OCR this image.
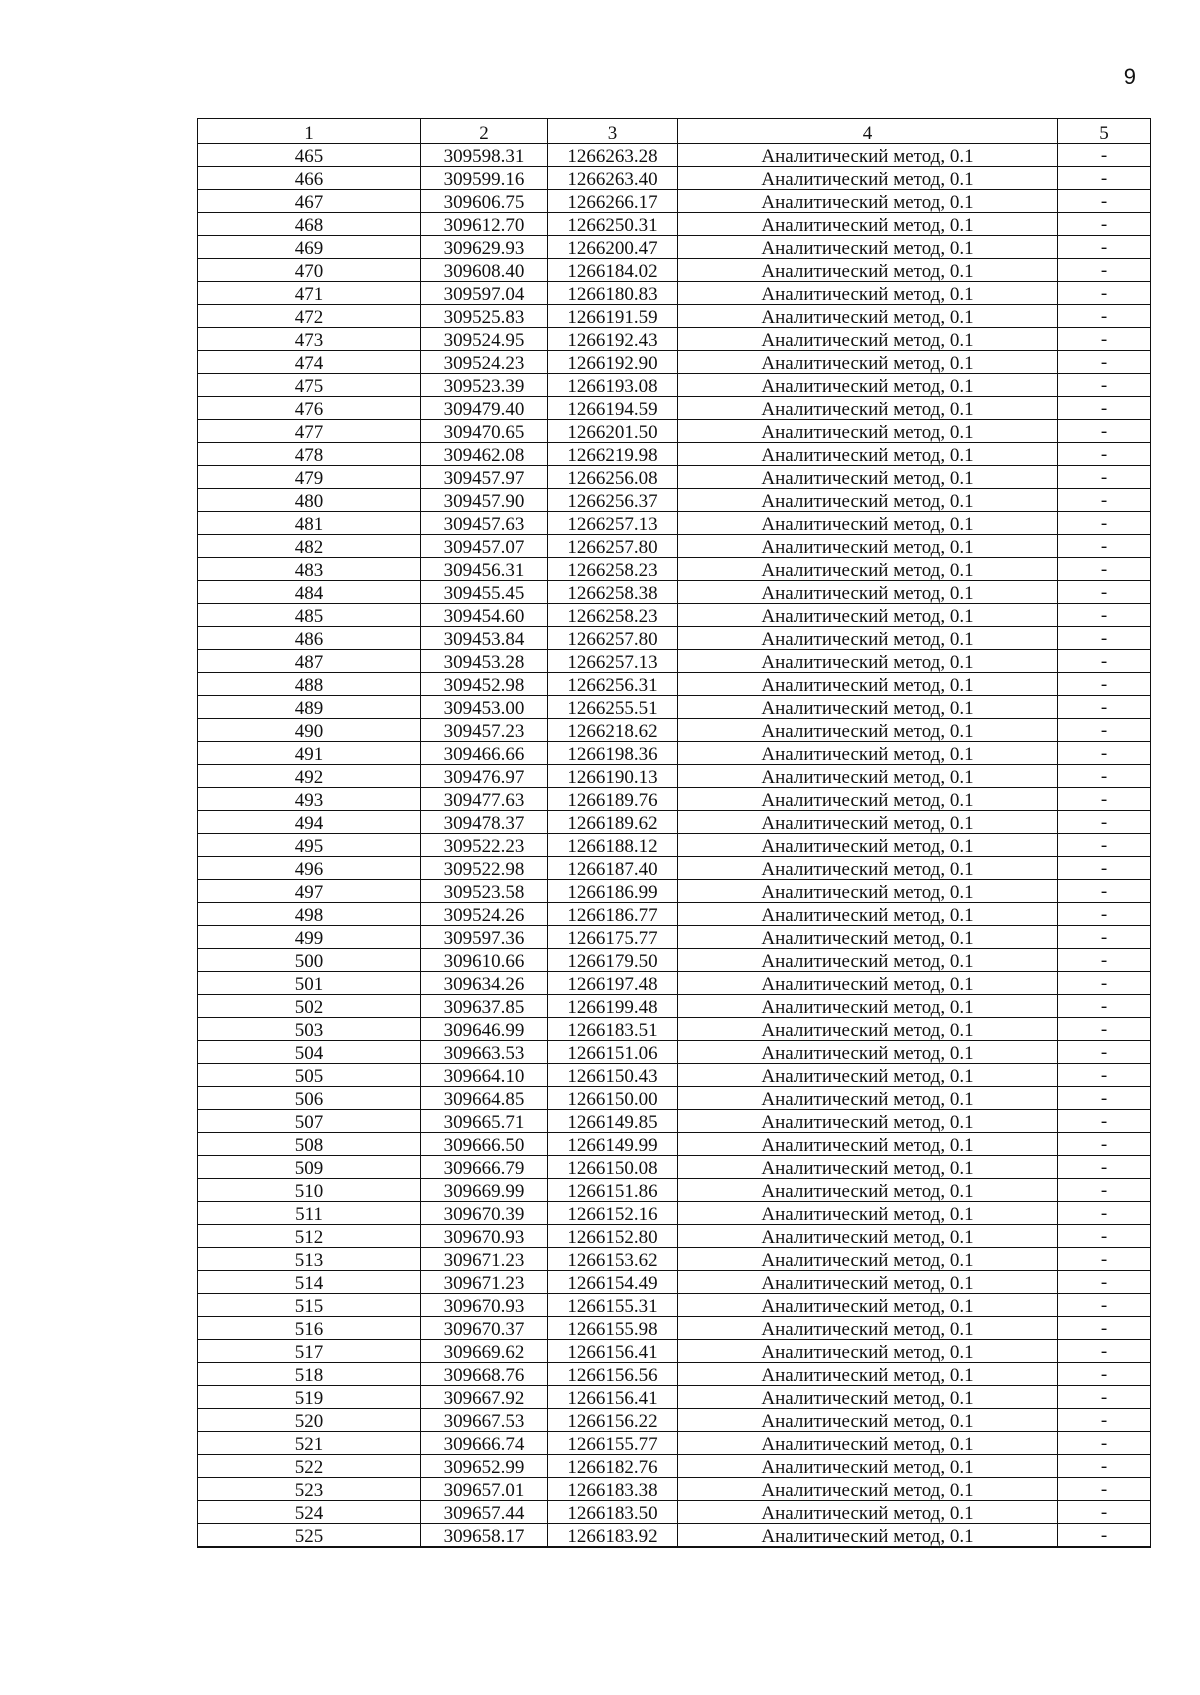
9
1	2	3	4	5
465	309598.31	1266263.28	Аналитический метод, 0.1	-
466	309599.16	1266263.40	Аналитический метод, 0.1	-
467	309606.75	1266266.17	Аналитический метод, 0.1	-
468	309612.70	1266250.31	Аналитический метод, 0.1	-
469	309629.93	1266200.47	Аналитический метод, 0.1	-
470	309608.40	1266184.02	Аналитический метод, 0.1	-
471	309597.04	1266180.83	Аналитический метод, 0.1	-
472	309525.83	1266191.59	Аналитический метод, 0.1	-
473	309524.95	1266192.43	Аналитический метод, 0.1	-
474	309524.23	1266192.90	Аналитический метод, 0.1	-
475	309523.39	1266193.08	Аналитический метод, 0.1	-
476	309479.40	1266194.59	Аналитический метод, 0.1	-
477	309470.65	1266201.50	Аналитический метод, 0.1	-
478	309462.08	1266219.98	Аналитический метод, 0.1	-
479	309457.97	1266256.08	Аналитический метод, 0.1	-
480	309457.90	1266256.37	Аналитический метод, 0.1	-
481	309457.63	1266257.13	Аналитический метод, 0.1	-
482	309457.07	1266257.80	Аналитический метод, 0.1	-
483	309456.31	1266258.23	Аналитический метод, 0.1	-
484	309455.45	1266258.38	Аналитический метод, 0.1	-
485	309454.60	1266258.23	Аналитический метод, 0.1	-
486	309453.84	1266257.80	Аналитический метод, 0.1	-
487	309453.28	1266257.13	Аналитический метод, 0.1	-
488	309452.98	1266256.31	Аналитический метод, 0.1	-
489	309453.00	1266255.51	Аналитический метод, 0.1	-
490	309457.23	1266218.62	Аналитический метод, 0.1	-
491	309466.66	1266198.36	Аналитический метод, 0.1	-
492	309476.97	1266190.13	Аналитический метод, 0.1	-
493	309477.63	1266189.76	Аналитический метод, 0.1	-
494	309478.37	1266189.62	Аналитический метод, 0.1	-
495	309522.23	1266188.12	Аналитический метод, 0.1	-
496	309522.98	1266187.40	Аналитический метод, 0.1	-
497	309523.58	1266186.99	Аналитический метод, 0.1	-
498	309524.26	1266186.77	Аналитический метод, 0.1	-
499	309597.36	1266175.77	Аналитический метод, 0.1	-
500	309610.66	1266179.50	Аналитический метод, 0.1	-
501	309634.26	1266197.48	Аналитический метод, 0.1	-
502	309637.85	1266199.48	Аналитический метод, 0.1	-
503	309646.99	1266183.51	Аналитический метод, 0.1	-
504	309663.53	1266151.06	Аналитический метод, 0.1	-
505	309664.10	1266150.43	Аналитический метод, 0.1	-
506	309664.85	1266150.00	Аналитический метод, 0.1	-
507	309665.71	1266149.85	Аналитический метод, 0.1	-
508	309666.50	1266149.99	Аналитический метод, 0.1	-
509	309666.79	1266150.08	Аналитический метод, 0.1	-
510	309669.99	1266151.86	Аналитический метод, 0.1	-
511	309670.39	1266152.16	Аналитический метод, 0.1	-
512	309670.93	1266152.80	Аналитический метод, 0.1	-
513	309671.23	1266153.62	Аналитический метод, 0.1	-
514	309671.23	1266154.49	Аналитический метод, 0.1	-
515	309670.93	1266155.31	Аналитический метод, 0.1	-
516	309670.37	1266155.98	Аналитический метод, 0.1	-
517	309669.62	1266156.41	Аналитический метод, 0.1	-
518	309668.76	1266156.56	Аналитический метод, 0.1	-
519	309667.92	1266156.41	Аналитический метод, 0.1	-
520	309667.53	1266156.22	Аналитический метод, 0.1	-
521	309666.74	1266155.77	Аналитический метод, 0.1	-
522	309652.99	1266182.76	Аналитический метод, 0.1	-
523	309657.01	1266183.38	Аналитический метод, 0.1	-
524	309657.44	1266183.50	Аналитический метод, 0.1	-
525	309658.17	1266183.92	Аналитический метод, 0.1	-
